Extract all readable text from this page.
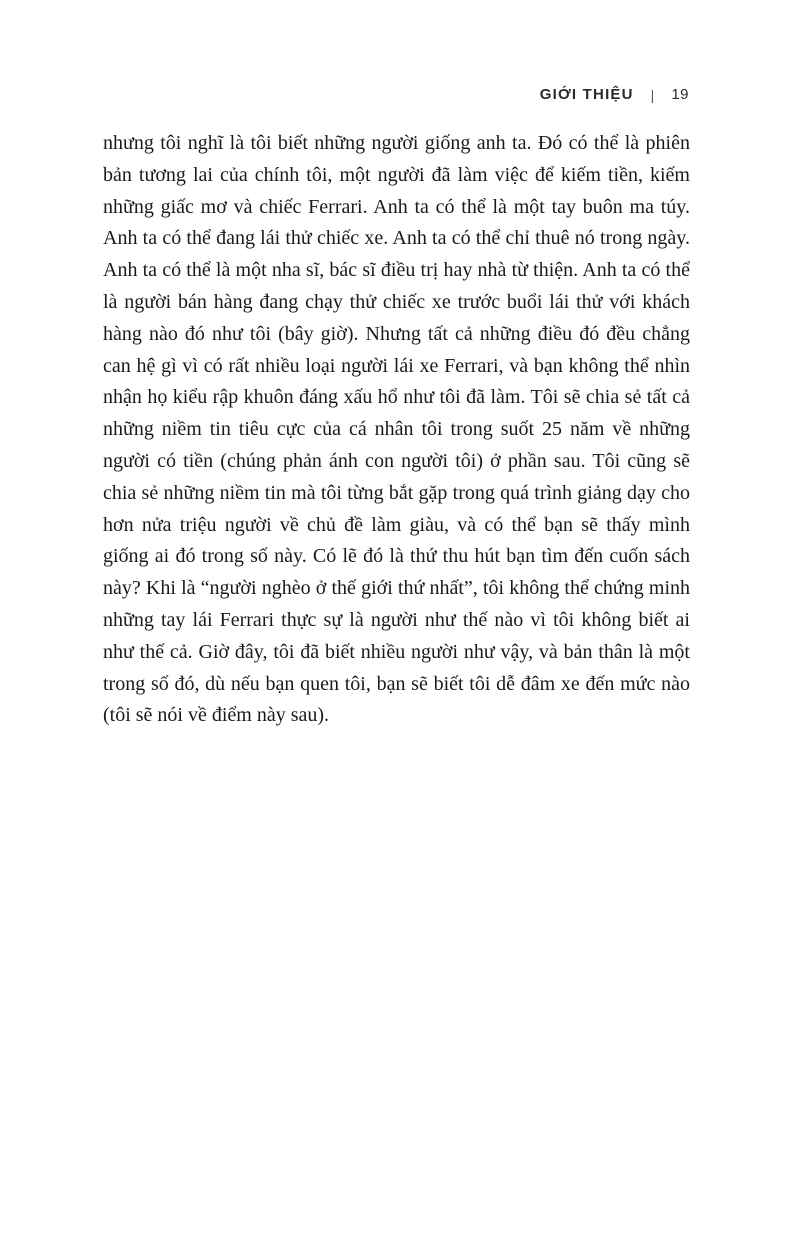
GIỚI THIỆU | 19

nhưng tôi nghĩ là tôi biết những người giống anh ta. Đó có thể là phiên bản tương lai của chính tôi, một người đã làm việc để kiếm tiền, kiếm những giấc mơ và chiếc Ferrari. Anh ta có thể là một tay buôn ma túy. Anh ta có thể đang lái thử chiếc xe. Anh ta có thể chỉ thuê nó trong ngày. Anh ta có thể là một nha sĩ, bác sĩ điều trị hay nhà từ thiện. Anh ta có thể là người bán hàng đang chạy thử chiếc xe trước buổi lái thử với khách hàng nào đó như tôi (bây giờ). Nhưng tất cả những điều đó đều chẳng can hệ gì vì có rất nhiều loại người lái xe Ferrari, và bạn không thể nhìn nhận họ kiểu rập khuôn đáng xấu hổ như tôi đã làm. Tôi sẽ chia sẻ tất cả những niềm tin tiêu cực của cá nhân tôi trong suốt 25 năm về những người có tiền (chúng phản ánh con người tôi) ở phần sau. Tôi cũng sẽ chia sẻ những niềm tin mà tôi từng bắt gặp trong quá trình giảng dạy cho hơn nửa triệu người về chủ đề làm giàu, và có thể bạn sẽ thấy mình giống ai đó trong số này. Có lẽ đó là thứ thu hút bạn tìm đến cuốn sách này? Khi là “người nghèo ở thế giới thứ nhất”, tôi không thể chứng minh những tay lái Ferrari thực sự là người như thế nào vì tôi không biết ai như thế cả. Giờ đây, tôi đã biết nhiều người như vậy, và bản thân là một trong số đó, dù nếu bạn quen tôi, bạn sẽ biết tôi dễ đâm xe đến mức nào (tôi sẽ nói về điểm này sau).
